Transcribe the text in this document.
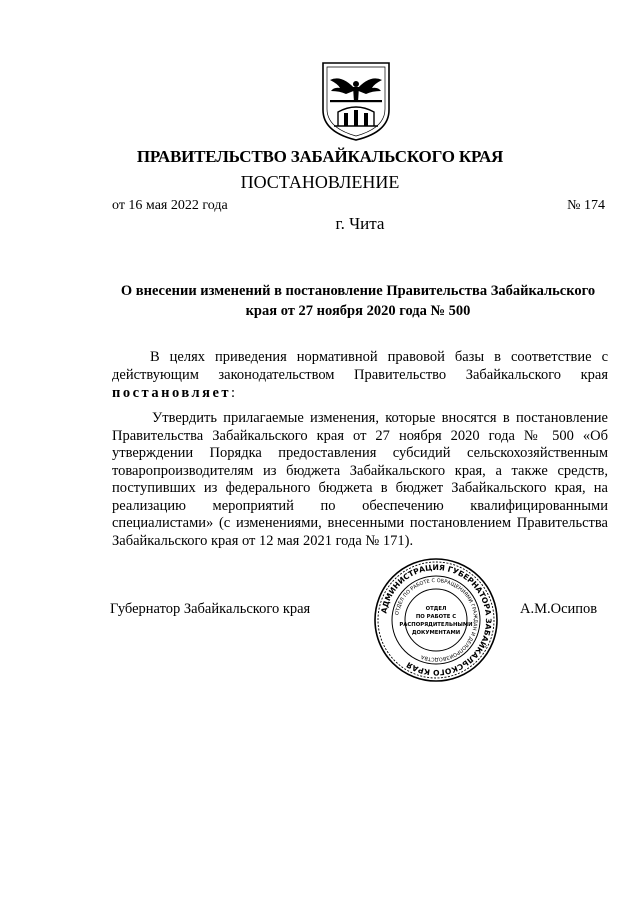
ПРАВИТЕЛЬСТВО ЗАБАЙКАЛЬСКОГО КРАЯ
ПОСТАНОВЛЕНИЕ
от 16 мая 2022 года	№ 174
г. Чита
О внесении изменений в постановление Правительства Забайкальского края от 27 ноября 2020 года № 500
В целях приведения нормативной правовой базы в соответствие с действующим законодательством Правительство Забайкальского края постановляет:
Утвердить прилагаемые изменения, которые вносятся в постановление Правительства Забайкальского края от 27 ноября 2020 года № 500 «Об утверждении Порядка предоставления субсидий сельскохозяйственным товаропроизводителям из бюджета Забайкальского края, а также средств, поступивших из федерального бюджета в бюджет Забайкальского края, на реализацию мероприятий по обеспечению квалифицированными специалистами» (с изменениями, внесенными постановлением Правительства Забайкальского края от 12 мая 2021 года № 171).
Губернатор Забайкальского края	А.М.Осипов
АДМИНИСТРАЦИЯ ГУБЕРНАТОРА ЗАБАЙКАЛЬСКОГО КРАЯ
ОТДЕЛ ПО РАБОТЕ С ОБРАЩЕНИЯМИ ГРАЖДАН И ДЕЛОПРОИЗВОДСТВА
ОТДЕЛ
ПО РАБОТЕ С
РАСПОРЯДИТЕЛЬНЫМИ
ДОКУМЕНТАМИ
